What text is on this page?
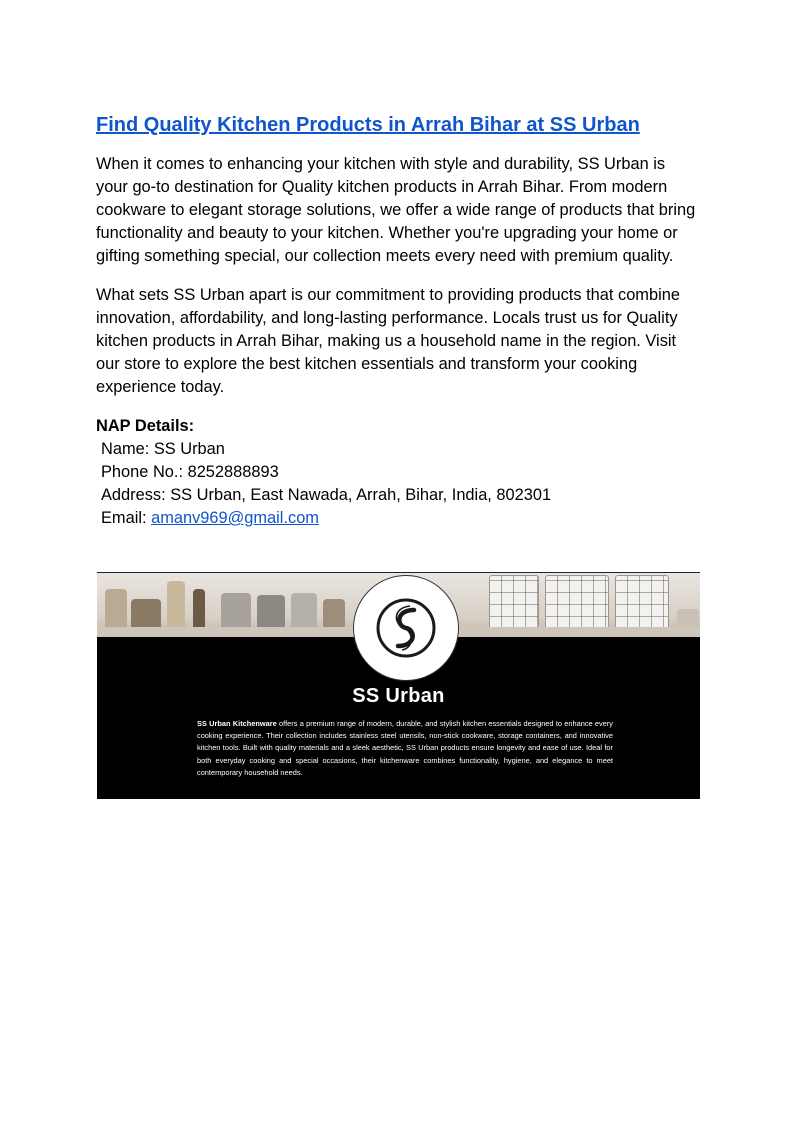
Find Quality Kitchen Products in Arrah Bihar at SS Urban

When it comes to enhancing your kitchen with style and durability, SS Urban is your go-to destination for Quality kitchen products in Arrah Bihar. From modern cookware to elegant storage solutions, we offer a wide range of products that bring functionality and beauty to your kitchen. Whether you're upgrading your home or gifting something special, our collection meets every need with premium quality.

What sets SS Urban apart is our commitment to providing products that combine innovation, affordability, and long-lasting performance. Locals trust us for Quality kitchen products in Arrah Bihar, making us a household name in the region. Visit our store to explore the best kitchen essentials and transform your cooking experience today.

NAP Details:
Name: SS Urban
Phone No.: 8252888893
Address: SS Urban, East Nawada, Arrah, Bihar, India, 802301
Email: amanv969@gmail.com
SS Urban
SS Urban Kitchenware offers a premium range of modern, durable, and stylish kitchen essentials designed to enhance every cooking experience. Their collection includes stainless steel utensils, non-stick cookware, storage containers, and innovative kitchen tools. Built with quality materials and a sleek aesthetic, SS Urban products ensure longevity and ease of use. Ideal for both everyday cooking and special occasions, their kitchenware combines functionality, hygiene, and elegance to meet contemporary household needs.
